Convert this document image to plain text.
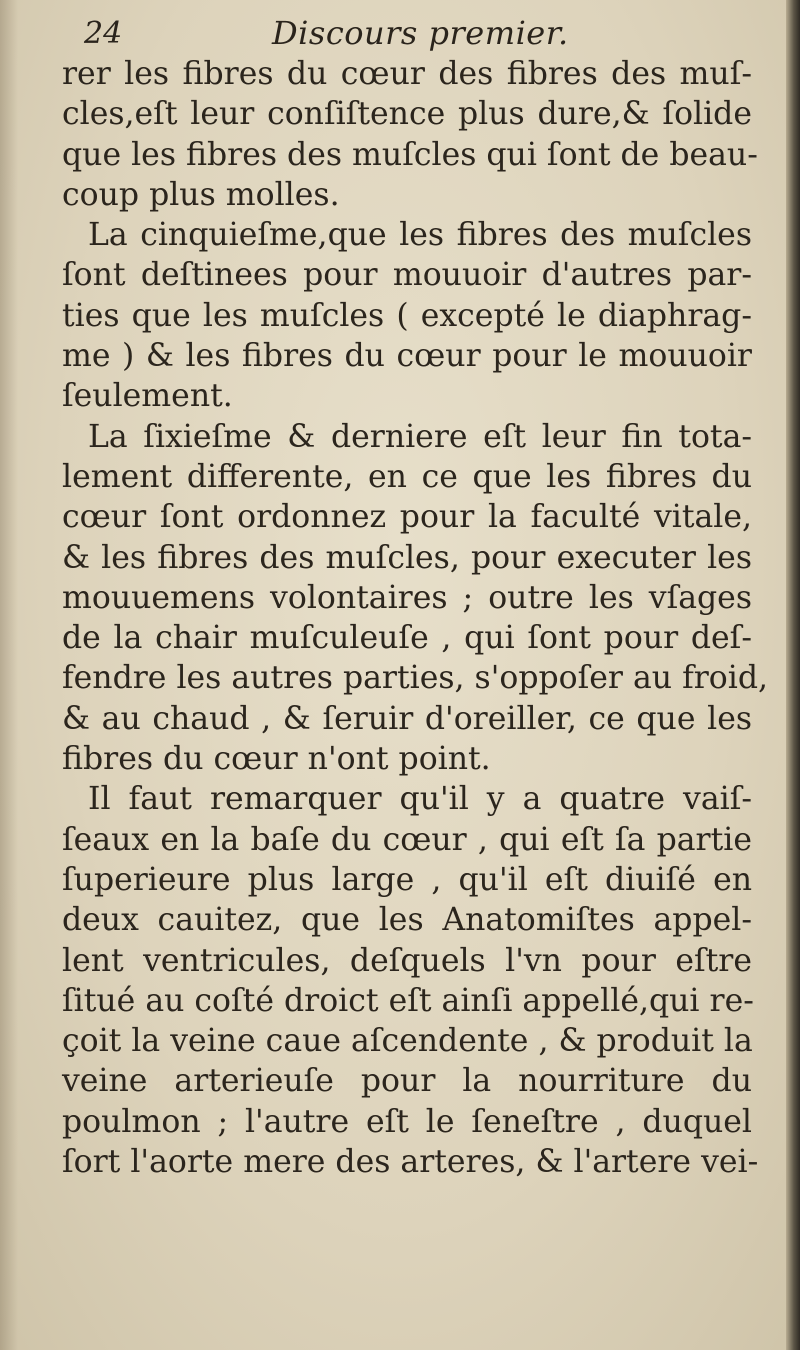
24	Discours premier.
rer les fibres du cœur des fibres des muſ-
cles,eſt leur conſiſtence plus dure,& ſolide
que les fibres des muſcles qui ſont de beau-
coup plus molles.
La cinquieſme,que les fibres des muſcles
ſont deſtinees pour mouuoir d'autres par-
ties que les muſcles ( excepté le diaphrag-
me ) & les fibres du cœur pour le mouuoir
ſeulement.
La ſixieſme & derniere eſt leur fin tota-
lement differente, en ce que les fibres du
cœur ſont ordonnez pour la faculté vitale,
& les fibres des muſcles, pour executer les
mouuemens volontaires ; outre les vſages
de la chair muſculeuſe , qui ſont pour deſ-
fendre les autres parties, s'oppoſer au froid,
& au chaud , & ſeruir d'oreiller, ce que les
fibres du cœur n'ont point.
Il faut remarquer qu'il y a quatre vaiſ-
ſeaux en la baſe du cœur , qui eſt ſa partie
ſuperieure plus large , qu'il eſt diuiſé en
deux cauitez, que les Anatomiſtes appel-
lent ventricules, deſquels l'vn pour eſtre
ſitué au coſté droict eſt ainſi appellé,qui re-
çoit la veine caue aſcendente , & produit la
veine arterieuſe pour la nourriture du
poulmon ; l'autre eſt le ſeneſtre , duquel
ſort l'aorte mere des arteres, & l'artere vei-
